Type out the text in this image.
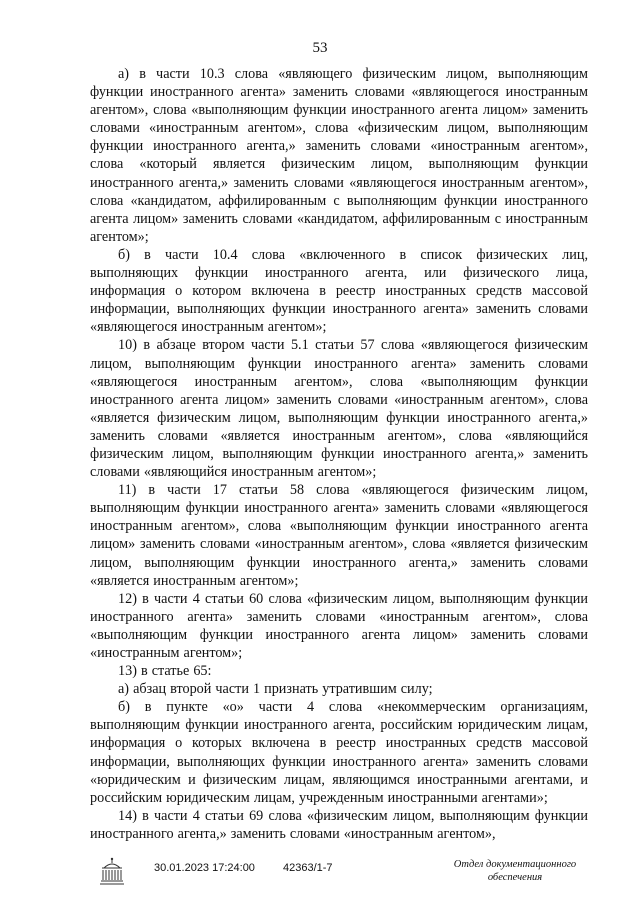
53

а) в части 10.3 слова «являющего физическим лицом, выполняющим функции иностранного агента» заменить словами «являющегося иностранным агентом», слова «выполняющим функции иностранного агента лицом» заменить словами «иностранным агентом», слова «физическим лицом, выполняющим функции иностранного агента,» заменить словами «иностранным агентом», слова «который является физическим лицом, выполняющим функции иностранного агента,» заменить словами «являющегося иностранным агентом», слова «кандидатом, аффилированным с выполняющим функции иностранного агента лицом» заменить словами «кандидатом, аффилированным с иностранным агентом»;

б) в части 10.4 слова «включенного в список физических лиц, выполняющих функции иностранного агента, или физического лица, информация о котором включена в реестр иностранных средств массовой информации, выполняющих функции иностранного агента» заменить словами «являющегося иностранным агентом»;

10) в абзаце втором части 5.1 статьи 57 слова «являющегося физическим лицом, выполняющим функции иностранного агента» заменить словами «являющегося иностранным агентом», слова «выполняющим функции иностранного агента лицом» заменить словами «иностранным агентом», слова «является физическим лицом, выполняющим функции иностранного агента,» заменить словами «является иностранным агентом», слова «являющийся физическим лицом, выполняющим функции иностранного агента,» заменить словами «являющийся иностранным агентом»;

11) в части 17 статьи 58 слова «являющегося физическим лицом, выполняющим функции иностранного агента» заменить словами «являющегося иностранным агентом», слова «выполняющим функции иностранного агента лицом» заменить словами «иностранным агентом», слова «является физическим лицом, выполняющим функции иностранного агента,» заменить словами «является иностранным агентом»;

12) в части 4 статьи 60 слова «физическим лицом, выполняющим функции иностранного агента» заменить словами «иностранным агентом», слова «выполняющим функции иностранного агента лицом» заменить словами «иностранным агентом»;

13) в статье 65:

а) абзац второй части 1 признать утратившим силу;

б) в пункте «о» части 4 слова «некоммерческим организациям, выполняющим функции иностранного агента, российским юридическим лицам, информация о которых включена в реестр иностранных средств массовой информации, выполняющих функции иностранного агента» заменить словами «юридическим и физическим лицам, являющимся иностранными агентами, и российским юридическим лицам, учрежденным иностранными агентами»;

14) в части 4 статьи 69 слова «физическим лицом, выполняющим функции иностранного агента,» заменить словами «иностранным агентом»,

30.01.2023 17:24:00	42363/1-7	Отдел документационного
обеспечения
